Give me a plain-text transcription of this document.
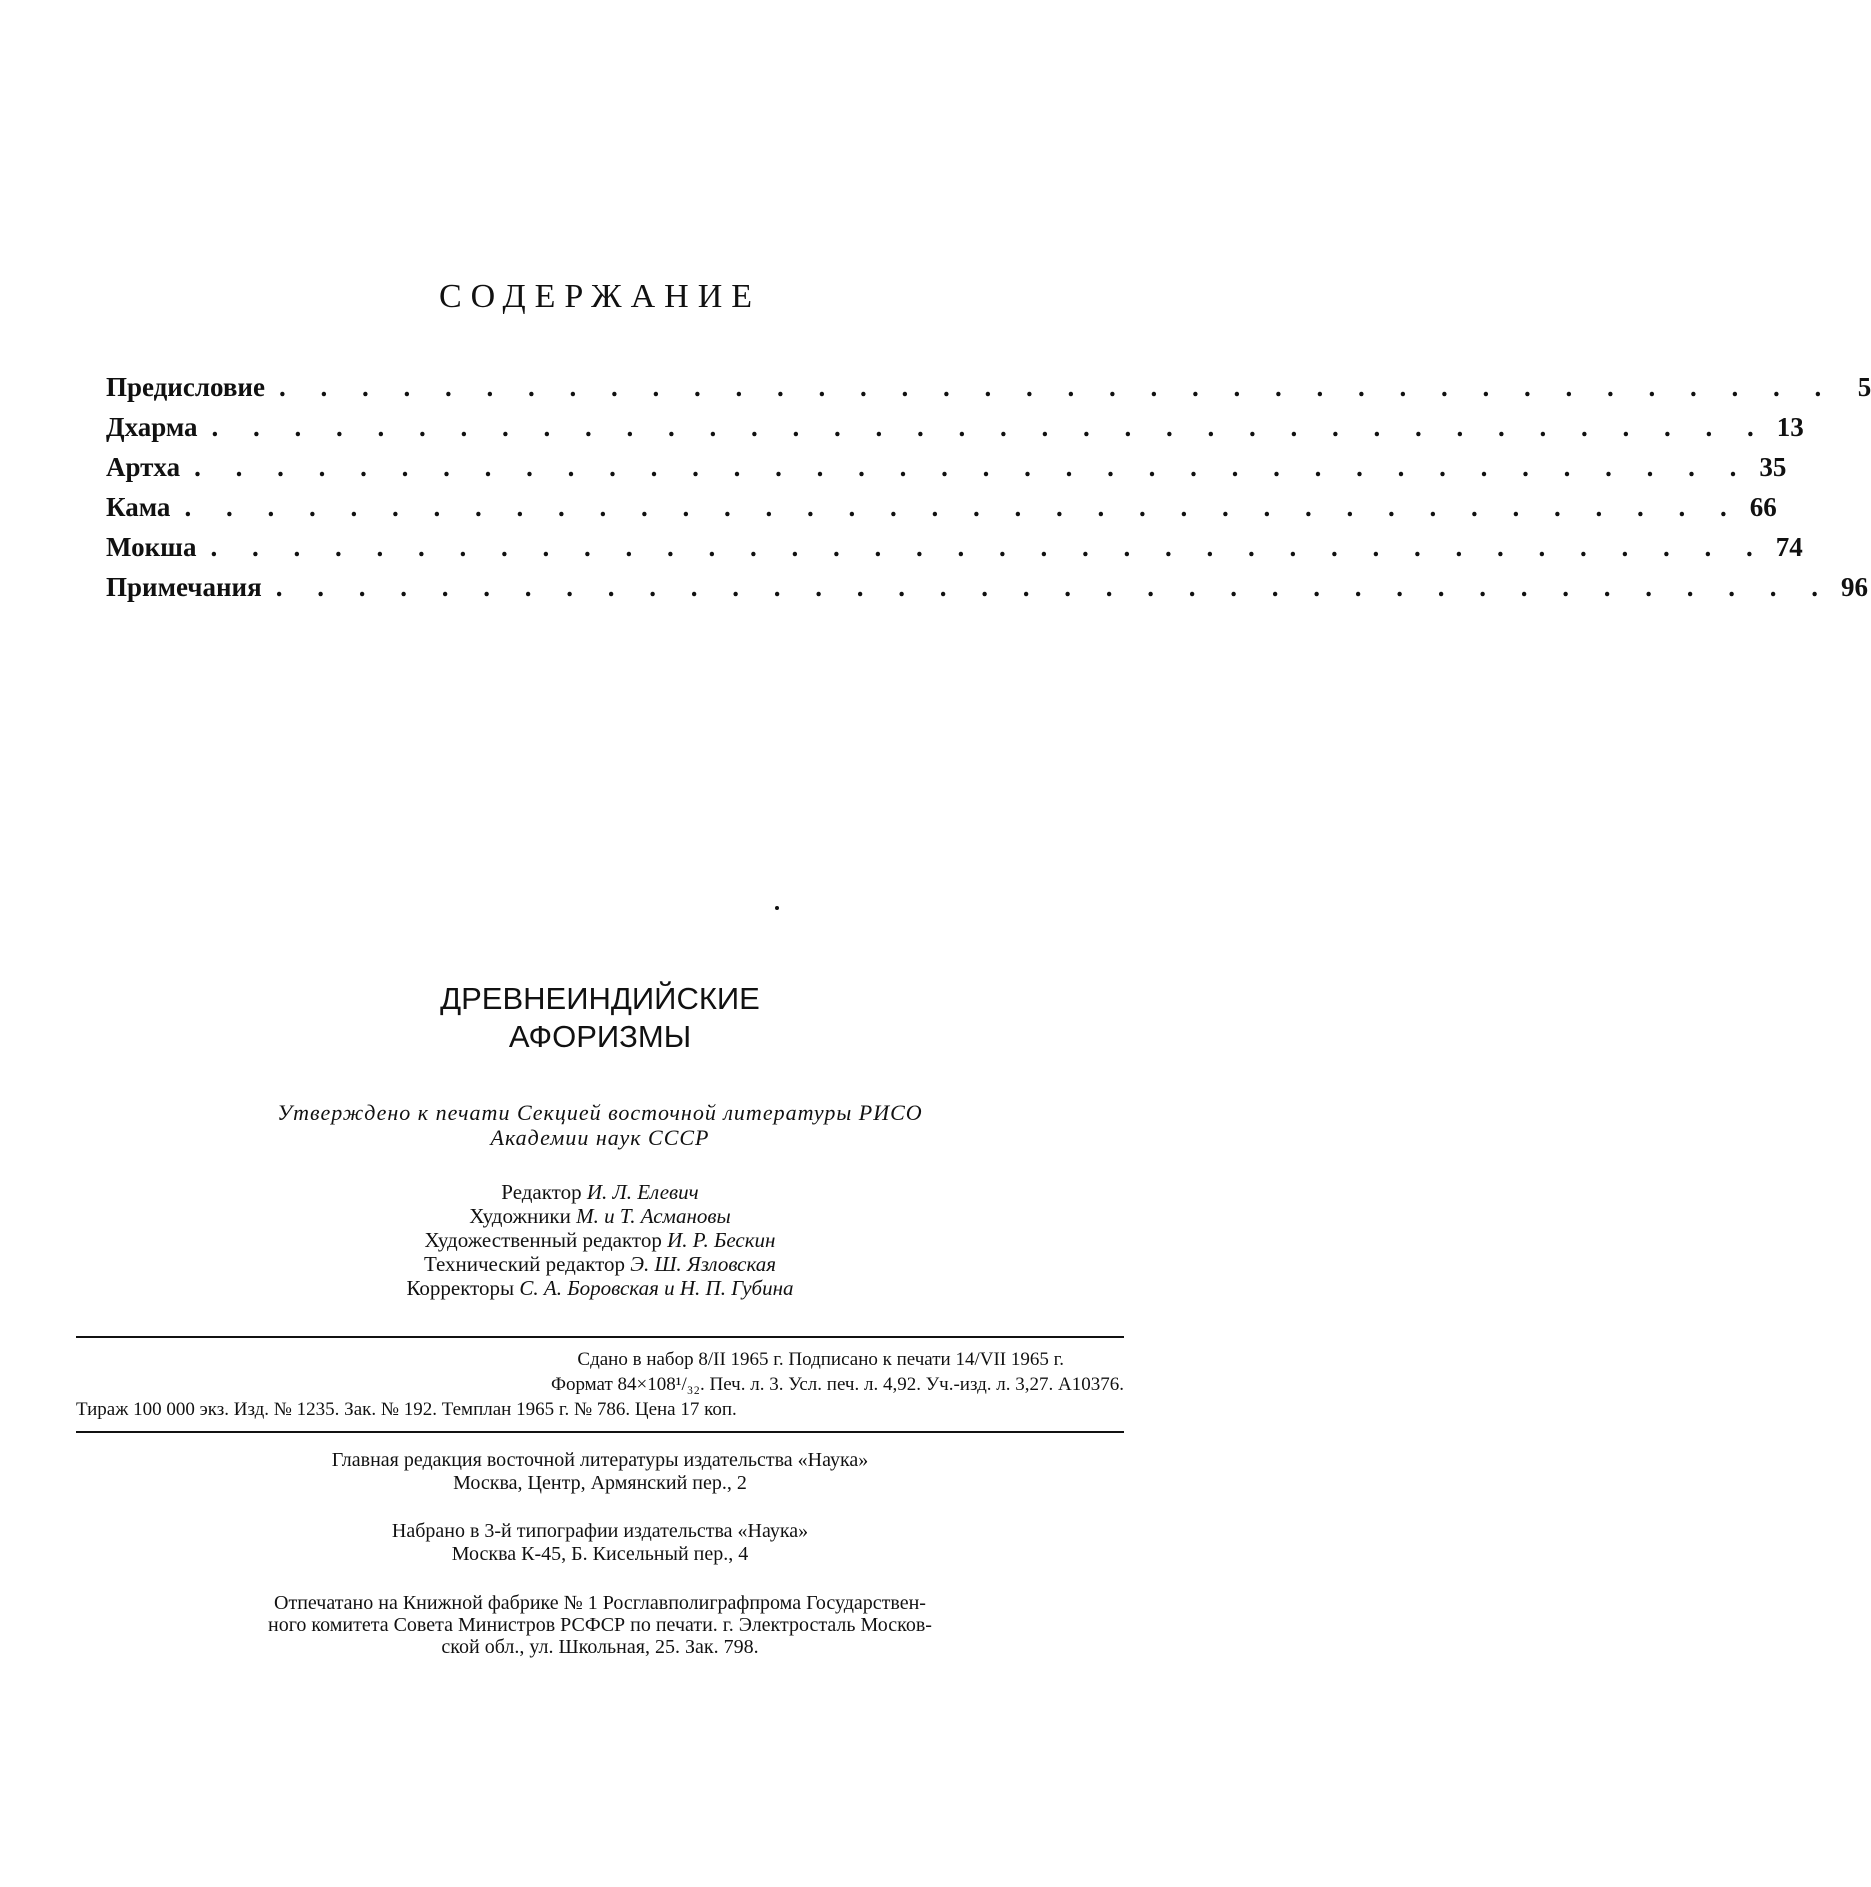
СОДЕРЖАНИЕ
Предисловие . . . . . . . . . . . . . . . . . . . . . . . . . . . . . . . . . . . . . . 5
Дхарма . . . . . . . . . . . . . . . . . . . . . . . . . . . . . . . . . . . . . . 13
Артха . . . . . . . . . . . . . . . . . . . . . . . . . . . . . . . . . . . . . . 35
Кама . . . . . . . . . . . . . . . . . . . . . . . . . . . . . . . . . . . . . . 66
Мокша . . . . . . . . . . . . . . . . . . . . . . . . . . . . . . . . . . . . . . 74
Примечания . . . . . . . . . . . . . . . . . . . . . . . . . . . . . . . . . . . . . . 96
ДРЕВНЕИНДИЙСКИЕ
АФОРИЗМЫ
Утверждено к печати Секцией восточной литературы РИСО
Академии наук СССР
Редактор И. Л. Елевич
Художники М. и Т. Асмановы
Художественный редактор И. Р. Бескин
Технический редактор Э. Ш. Язловская
Корректоры С. А. Боровская и Н. П. Губина
Сдано в набор 8/II 1965 г. Подписано к печати 14/VII 1965 г.
Формат 84×108¹/₃₂. Печ. л. 3. Усл. печ. л. 4,92. Уч.-изд. л. 3,27. А10376.
Тираж 100 000 экз. Изд. № 1235. Зак. № 192. Темплан 1965 г. № 786. Цена 17 коп.
Главная редакция восточной литературы издательства «Наука»
Москва, Центр, Армянский пер., 2
Набрано в 3-й типографии издательства «Наука»
Москва К-45, Б. Кисельный пер., 4
Отпечатано на Книжной фабрике № 1 Росглавполиграфпрома Государствен-
ного комитета Совета Министров РСФСР по печати. г. Электросталь Москов-
ской обл., ул. Школьная, 25. Зак. 798.
